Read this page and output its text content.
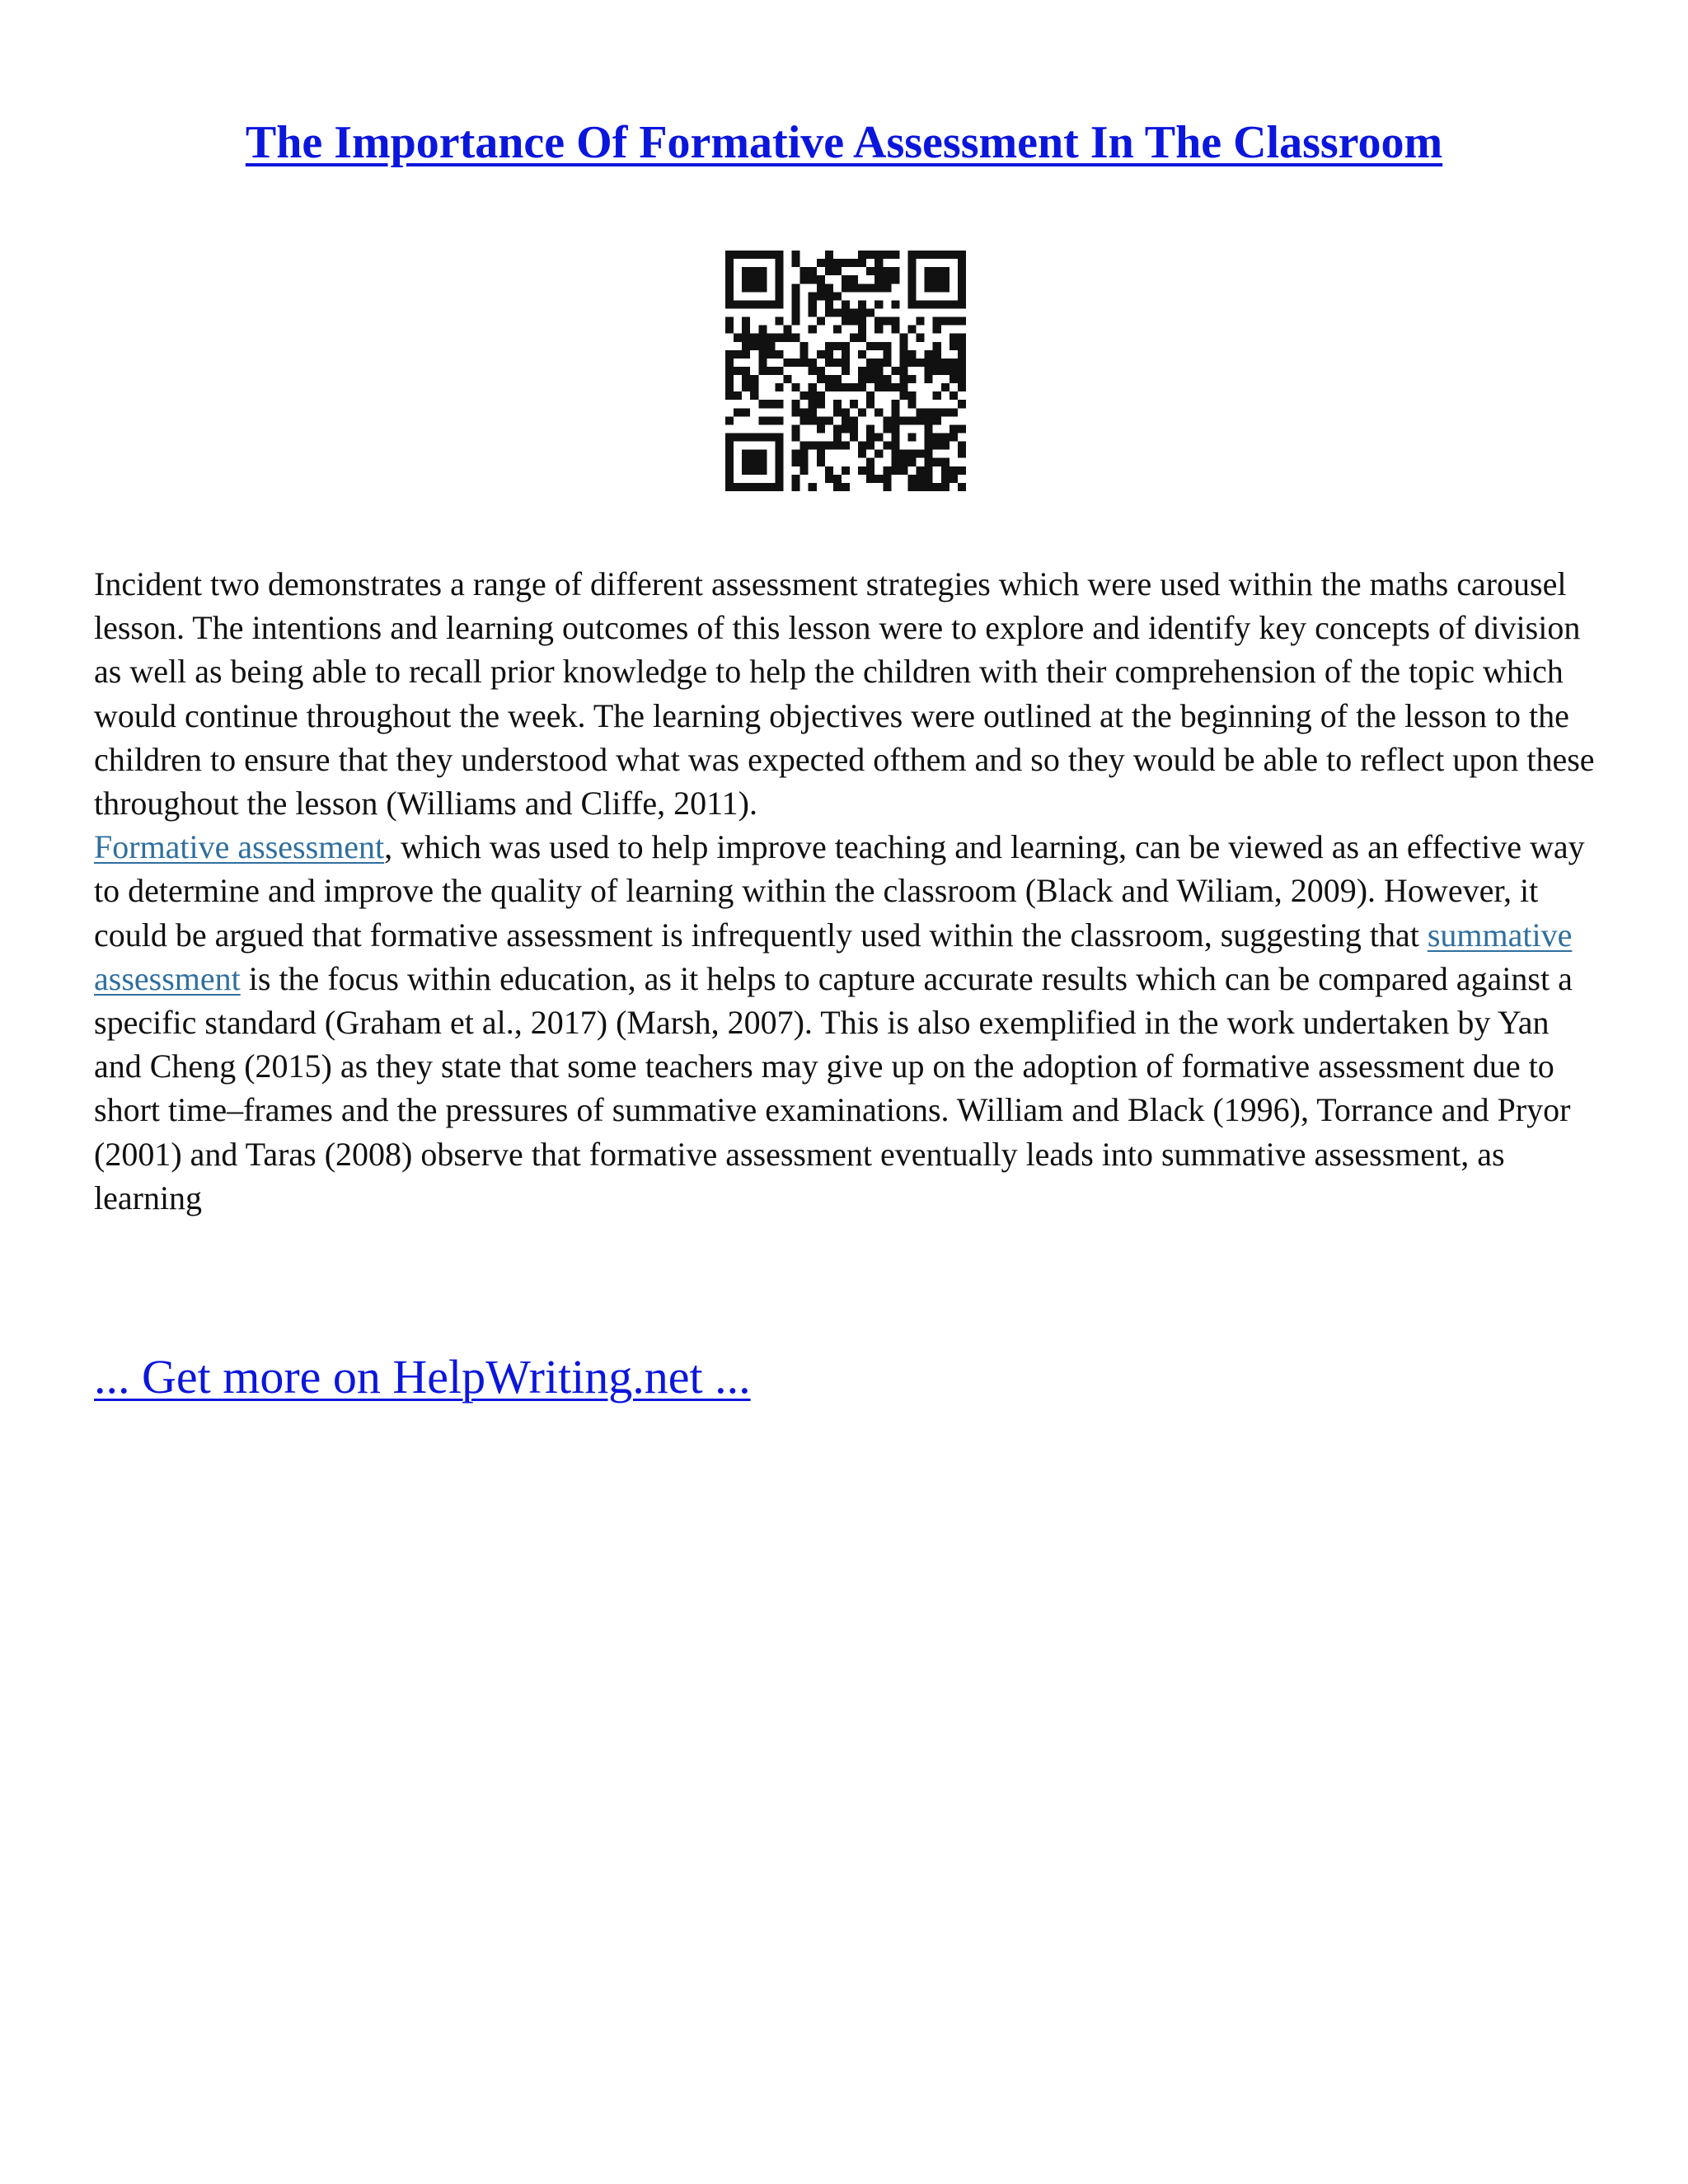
The Importance Of Formative Assessment In The Classroom

Incident two demonstrates a range of different assessment strategies which were used within the maths carousel lesson. The intentions and learning outcomes of this lesson were to explore and identify key concepts of division as well as being able to recall prior knowledge to help the children with their comprehension of the topic which would continue throughout the week. The learning objectives were outlined at the beginning of the lesson to the children to ensure that they understood what was expected ofthem and so they would be able to reflect upon these throughout the lesson (Williams and Cliffe, 2011).

Formative assessment, which was used to help improve teaching and learning, can be viewed as an effective way to determine and improve the quality of learning within the classroom (Black and Wiliam, 2009). However, it could be argued that formative assessment is infrequently used within the classroom, suggesting that summative assessment is the focus within education, as it helps to capture accurate results which can be compared against a specific standard (Graham et al., 2017) (Marsh, 2007). This is also exemplified in the work undertaken by Yan and Cheng (2015) as they state that some teachers may give up on the adoption of formative assessment due to short time–frames and the pressures of summative examinations. William and Black (1996), Torrance and Pryor (2001) and Taras (2008) observe that formative assessment eventually leads into summative assessment, as learning

... Get more on HelpWriting.net ...
